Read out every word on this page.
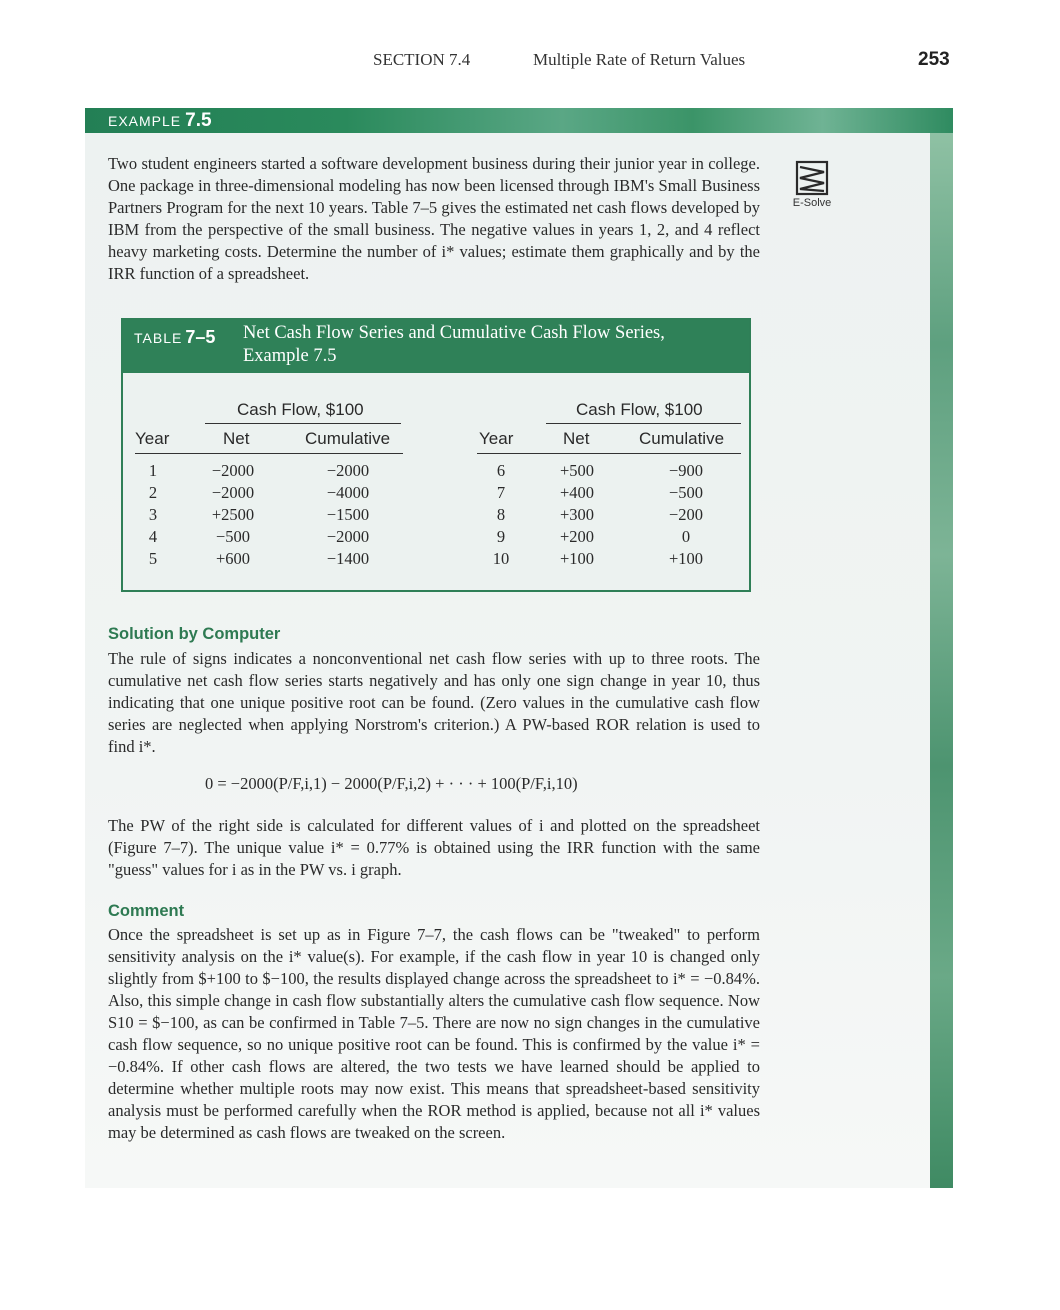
SECTION 7.4	Multiple Rate of Return Values	253
EXAMPLE 7.5

Two student engineers started a software development business during their junior year in college. One package in three-dimensional modeling has now been licensed through IBM's Small Business Partners Program for the next 10 years. Table 7–5 gives the estimated net cash flows developed by IBM from the perspective of the small business. The negative values in years 1, 2, and 4 reflect heavy marketing costs. Determine the number of i* values; estimate them graphically and by the IRR function of a spreadsheet.

E-Solve
TABLE 7–5 Net Cash Flow Series and Cumulative Cash Flow Series, Example 7.5
Cash Flow, $100	Cash Flow, $100
Year	Net	Cumulative	Year	Net	Cumulative
1	−2000	−2000
2	−2000	−4000
3	+2500	−1500
4	−500	−2000
5	+600	−1400
6	+500	−900
7	+400	−500
8	+300	−200
9	+200	0
10	+100	+100
Solution by Computer

The rule of signs indicates a nonconventional net cash flow series with up to three roots. The cumulative net cash flow series starts negatively and has only one sign change in year 10, thus indicating that one unique positive root can be found. (Zero values in the cumulative cash flow series are neglected when applying Norstrom's criterion.) A PW-based ROR relation is used to find i*.

0 = −2000(P/F,i,1) − 2000(P/F,i,2) + · · · + 100(P/F,i,10)

The PW of the right side is calculated for different values of i and plotted on the spreadsheet (Figure 7–7). The unique value i* = 0.77% is obtained using the IRR function with the same "guess" values for i as in the PW vs. i graph.

Comment

Once the spreadsheet is set up as in Figure 7–7, the cash flows can be "tweaked" to perform sensitivity analysis on the i* value(s). For example, if the cash flow in year 10 is changed only slightly from $+100 to $−100, the results displayed change across the spreadsheet to i* = −0.84%. Also, this simple change in cash flow substantially alters the cumulative cash flow sequence. Now S10 = $−100, as can be confirmed in Table 7–5. There are now no sign changes in the cumulative cash flow sequence, so no unique positive root can be found. This is confirmed by the value i* = −0.84%. If other cash flows are altered, the two tests we have learned should be applied to determine whether multiple roots may now exist. This means that spreadsheet-based sensitivity analysis must be performed carefully when the ROR method is applied, because not all i* values may be determined as cash flows are tweaked on the screen.
